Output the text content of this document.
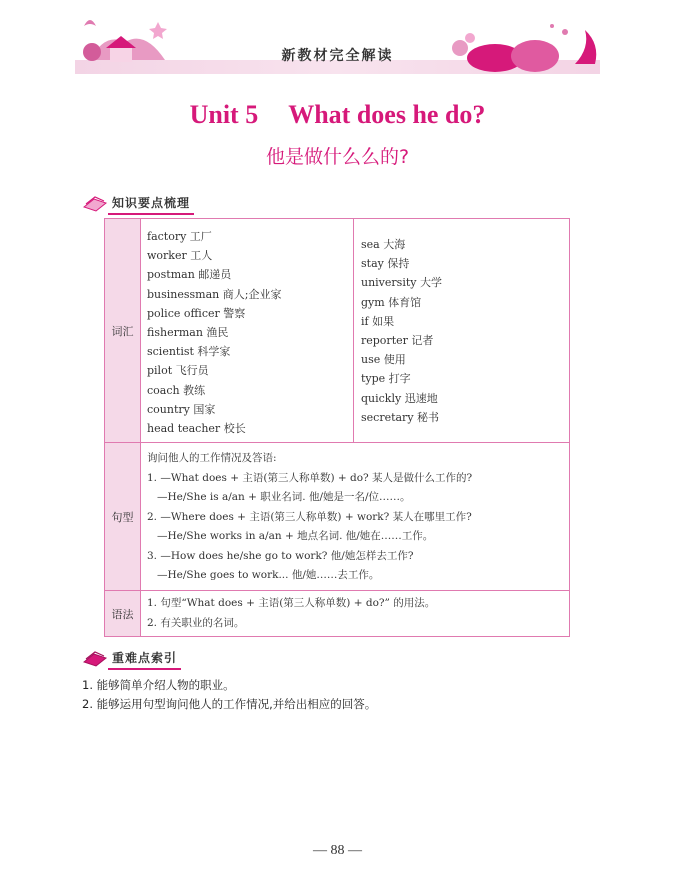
新教材完全解读
Unit 5 What does he do?
他是做什么么的?
知识要点梳理
词汇
factory 工厂
worker 工人
postman 邮递员
businessman 商人;企业家
police officer 警察
fisherman 渔民
scientist 科学家
pilot 飞行员
coach 教练
country 国家
head teacher 校长
sea 大海
stay 保持
university 大学
gym 体育馆
if 如果
reporter 记者
use 使用
type 打字
quickly 迅速地
secretary 秘书
句型
询问他人的工作情况及答语:
1. —What does + 主语(第三人称单数) + do? 某人是做什么工作的?
—He/She is a/an + 职业名词. 他/她是一名/位……。
2. —Where does + 主语(第三人称单数) + work? 某人在哪里工作?
—He/She works in a/an + 地点名词. 他/她在……工作。
3. —How does he/she go to work? 他/她怎样去工作?
—He/She goes to work... 他/她……去工作。
语法
1. 句型“What does + 主语(第三人称单数) + do?” 的用法。
2. 有关职业的名词。
重难点索引
1. 能够简单介绍人物的职业。
2. 能够运用句型询问他人的工作情况,并给出相应的回答。
— 88 —
